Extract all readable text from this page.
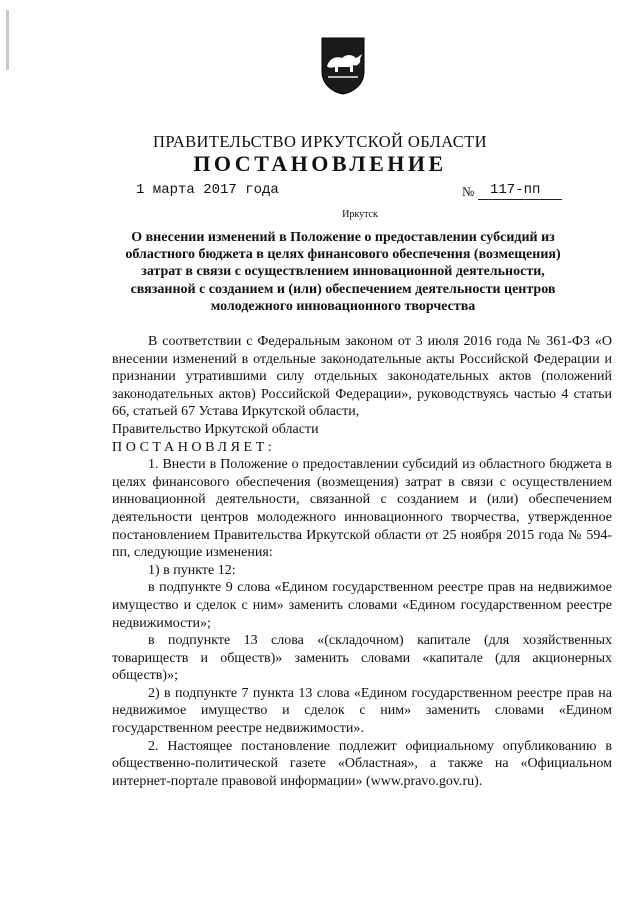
ПРАВИТЕЛЬСТВО ИРКУТСКОЙ ОБЛАСТИ
ПОСТАНОВЛЕНИЕ
1 марта 2017 года	№ 117-пп
Иркутск
О внесении изменений в Положение о предоставлении субсидий из
областного бюджета в целях финансового обеспечения (возмещения)
затрат в связи с осуществлением инновационной деятельности,
связанной с созданием и (или) обеспечением деятельности центров
молодежного инновационного творчества

В соответствии с Федеральным законом от 3 июля 2016 года № 361-ФЗ «О внесении изменений в отдельные законодательные акты Российской Федерации и признании утратившими силу отдельных законодательных актов (положений законодательных актов) Российской Федерации», руководствуясь частью 4 статьи 66, статьей 67 Устава Иркутской области,

Правительство Иркутской области

ПОСТАНОВЛЯЕТ:

1. Внести в Положение о предоставлении субсидий из областного бюджета в целях финансового обеспечения (возмещения) затрат в связи с осуществлением инновационной деятельности, связанной с созданием и (или) обеспечением деятельности центров молодежного инновационного творчества, утвержденное постановлением Правительства Иркутской области от 25 ноября 2015 года № 594-пп, следующие изменения:

1) в пункте 12:

в подпункте 9 слова «Едином государственном реестре прав на недвижимое имущество и сделок с ним» заменить словами «Едином государственном реестре недвижимости»;

в подпункте 13 слова «(складочном) капитале (для хозяйственных товариществ и обществ)» заменить словами «капитале (для акционерных обществ)»;

2) в подпункте 7 пункта 13 слова «Едином государственном реестре прав на недвижимое имущество и сделок с ним» заменить словами «Едином государственном реестре недвижимости».

2. Настоящее постановление подлежит официальному опубликованию в общественно-политической газете «Областная», а также на «Официальном интернет-портале правовой информации» (www.pravo.gov.ru).
